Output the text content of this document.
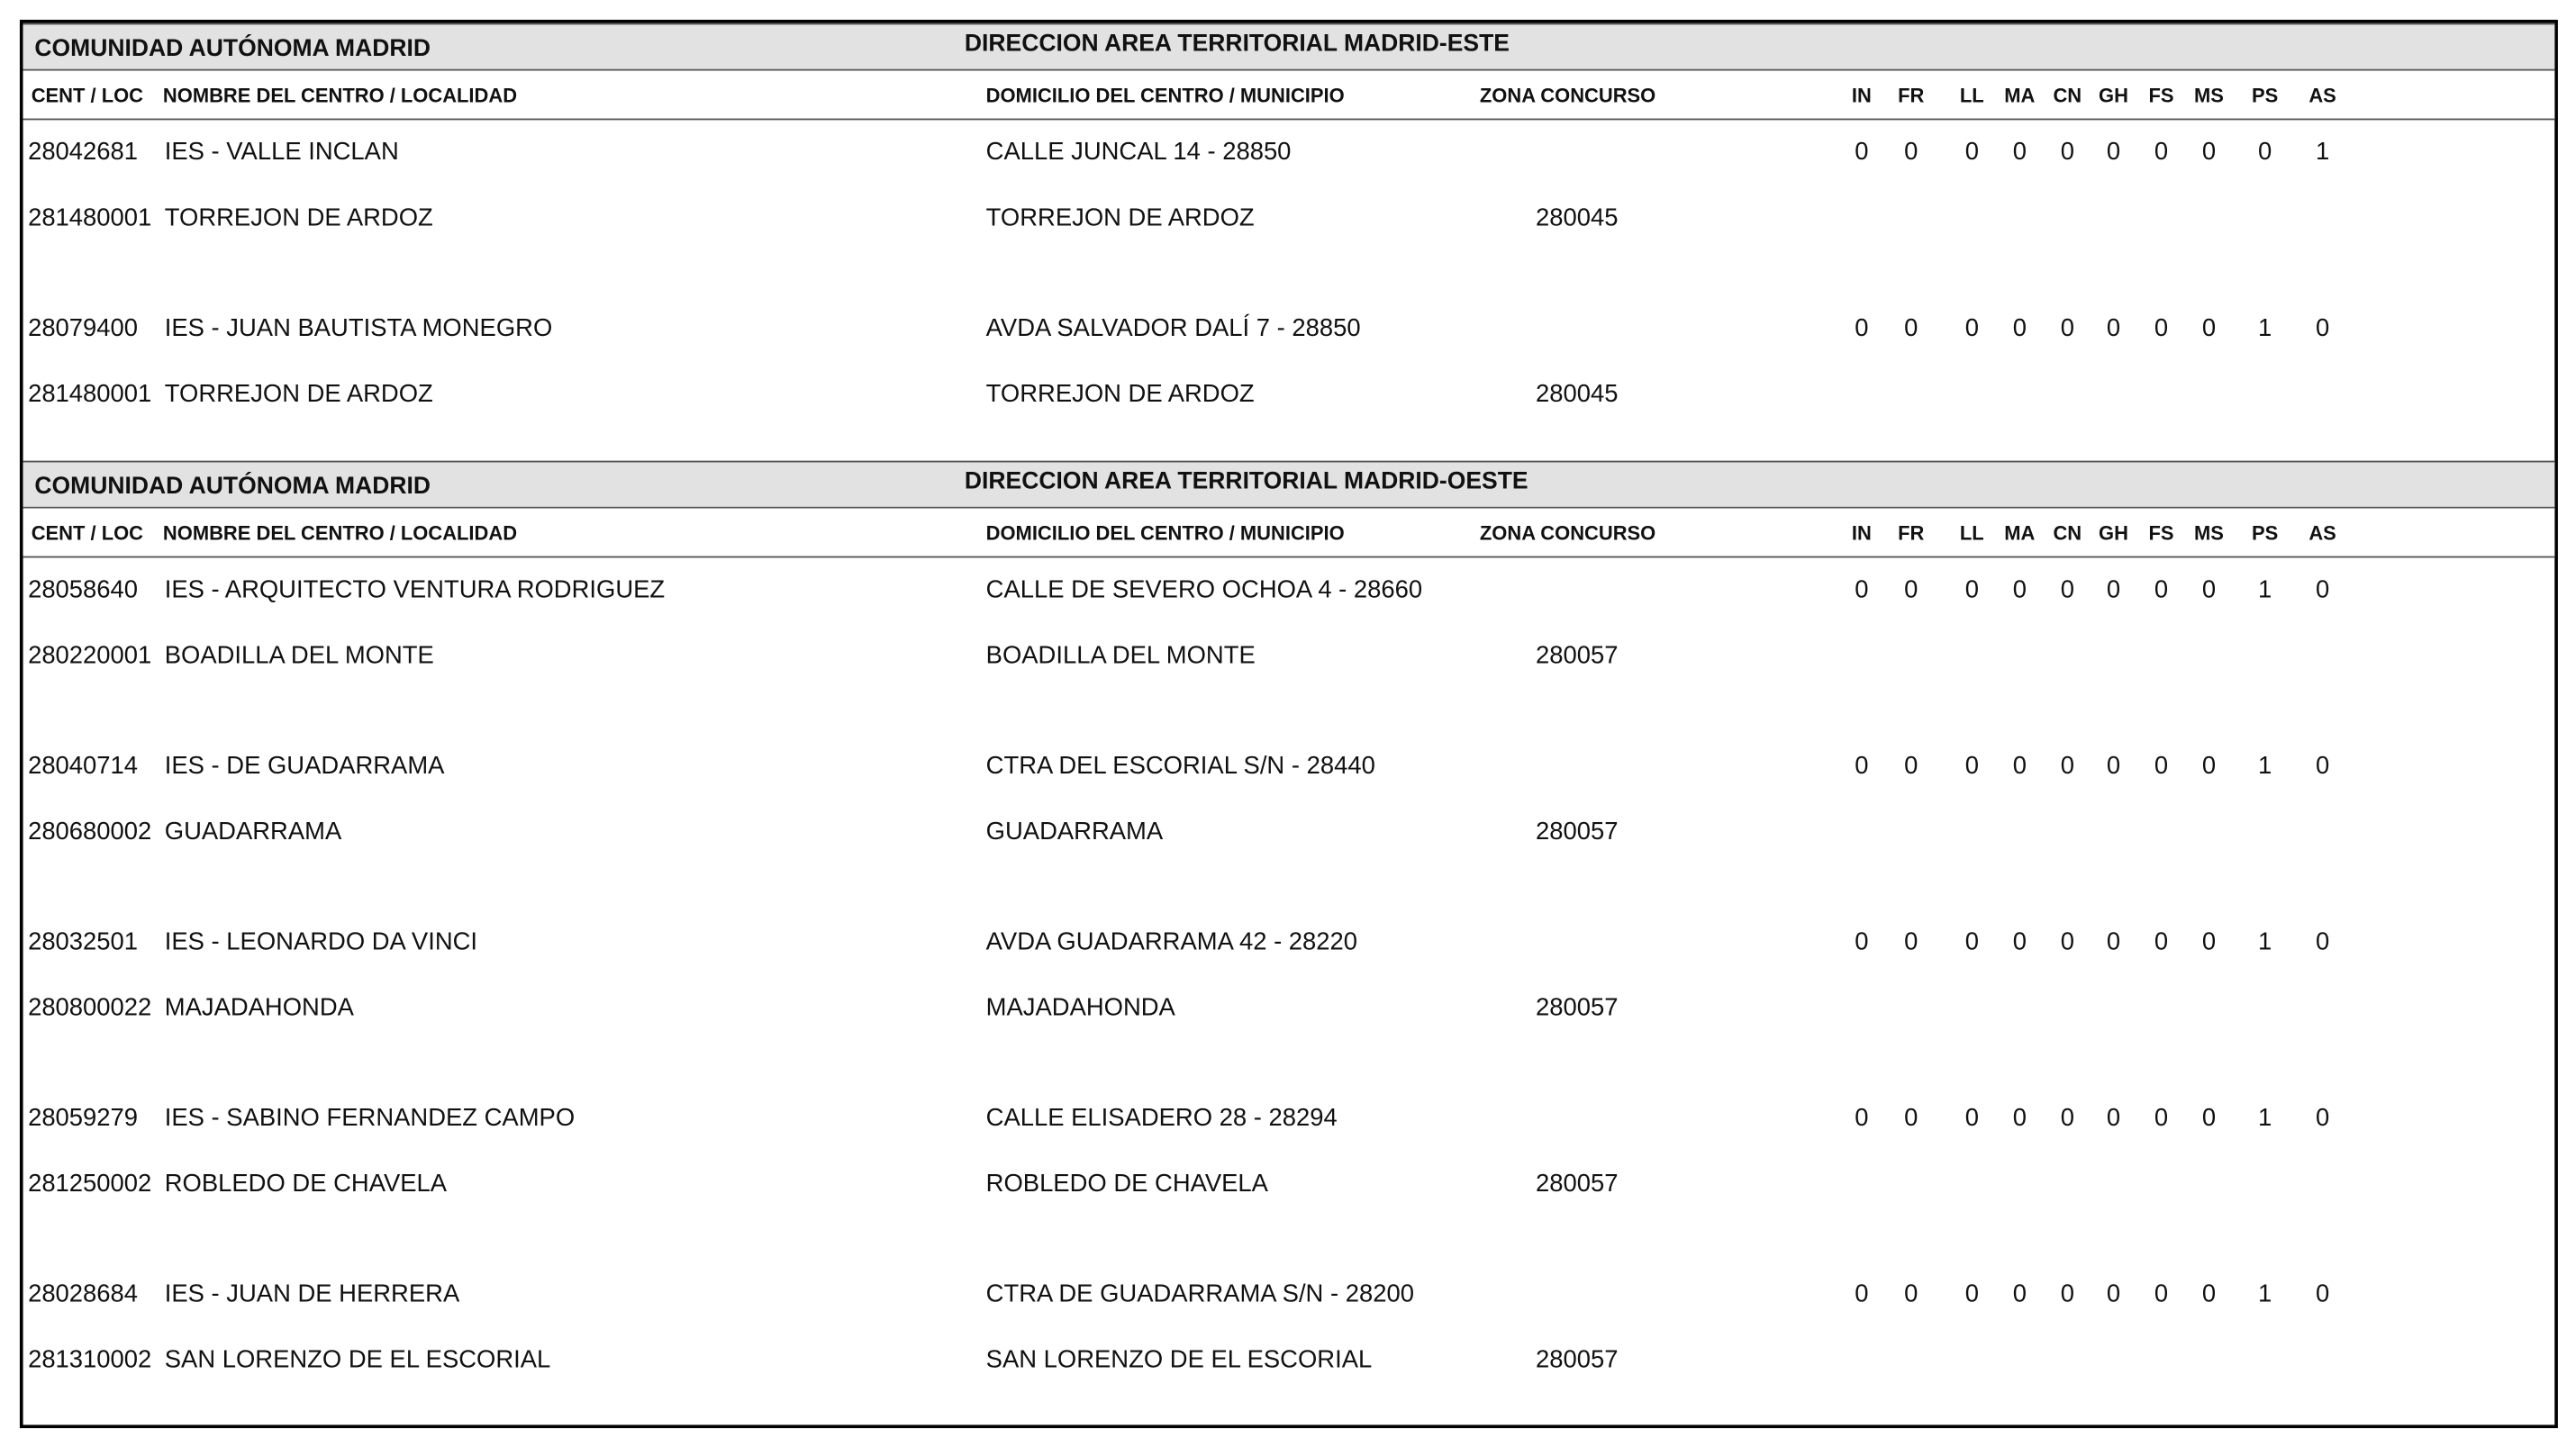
COMUNIDAD AUTÓNOMA MADRID	DIRECCION AREA TERRITORIAL MADRID-ESTE
CENT / LOC NOMBRE DEL CENTRO / LOCALIDAD	DOMICILIO DEL CENTRO / MUNICIPIO	ZONA CONCURSO	IN	FR	LL	MA	CN	GH	FS	MS	PS	AS
28042681 IES - VALLE INCLAN	CALLE JUNCAL 14 - 28850	0	0	0	0	0	0	0	0	0	1
281480001 TORREJON DE ARDOZ	TORREJON DE ARDOZ	280045
28079400 IES - JUAN BAUTISTA MONEGRO	AVDA SALVADOR DALÍ 7 - 28850	0	0	0	0	0	0	0	0	1	0
281480001 TORREJON DE ARDOZ	TORREJON DE ARDOZ	280045
COMUNIDAD AUTÓNOMA MADRID	DIRECCION AREA TERRITORIAL MADRID-OESTE
CENT / LOC NOMBRE DEL CENTRO / LOCALIDAD	DOMICILIO DEL CENTRO / MUNICIPIO	ZONA CONCURSO	IN	FR	LL	MA	CN	GH	FS	MS	PS	AS
28058640 IES - ARQUITECTO VENTURA RODRIGUEZ	CALLE DE SEVERO OCHOA 4 - 28660	0	0	0	0	0	0	0	0	1	0
280220001 BOADILLA DEL MONTE	BOADILLA DEL MONTE	280057
28040714 IES - DE GUADARRAMA	CTRA DEL ESCORIAL S/N - 28440	0	0	0	0	0	0	0	0	1	0
280680002 GUADARRAMA	GUADARRAMA	280057
28032501 IES - LEONARDO DA VINCI	AVDA GUADARRAMA 42 - 28220	0	0	0	0	0	0	0	0	1	0
280800022 MAJADAHONDA	MAJADAHONDA	280057
28059279 IES - SABINO FERNANDEZ CAMPO	CALLE ELISADERO 28 - 28294	0	0	0	0	0	0	0	0	1	0
281250002 ROBLEDO DE CHAVELA	ROBLEDO DE CHAVELA	280057
28028684 IES - JUAN DE HERRERA	CTRA DE GUADARRAMA S/N - 28200	0	0	0	0	0	0	0	0	1	0
281310002 SAN LORENZO DE EL ESCORIAL	SAN LORENZO DE EL ESCORIAL	280057
